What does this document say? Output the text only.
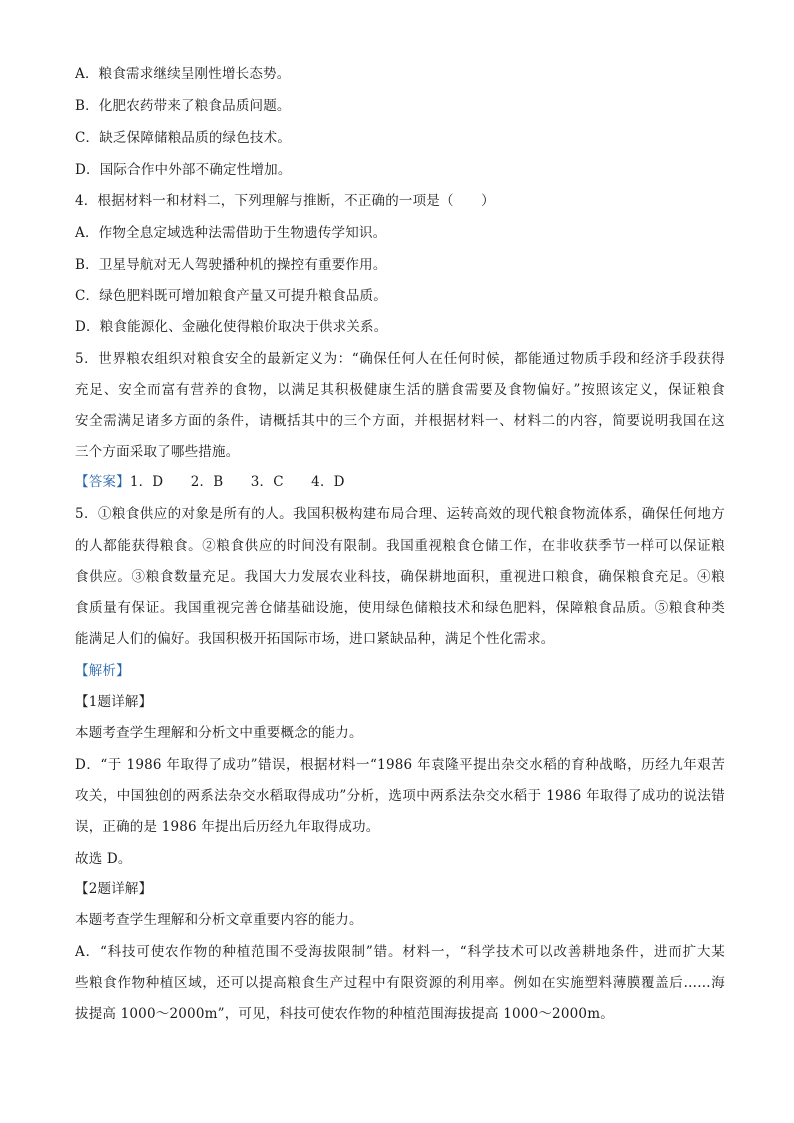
A．粮食需求继续呈刚性增长态势。
B．化肥农药带来了粮食品质问题。
C．缺乏保障储粮品质的绿色技术。
D．国际合作中外部不确定性增加。
4．根据材料一和材料二，下列理解与推断，不正确的一项是（　　）
A．作物全息定域选种法需借助于生物遗传学知识。
B．卫星导航对无人驾驶播种机的操控有重要作用。
C．绿色肥料既可增加粮食产量又可提升粮食品质。
D．粮食能源化、金融化使得粮价取决于供求关系。
5．世界粮农组织对粮食安全的最新定义为：“确保任何人在任何时候，都能通过物质手段和经济手段获得
充足、安全而富有营养的食物，以满足其积极健康生活的膳食需要及食物偏好。”按照该定义，保证粮食
安全需满足诸多方面的条件，请概括其中的三个方面，并根据材料一、材料二的内容，简要说明我国在这
三个方面采取了哪些措施。
【答案】1．D　　2．B　　3．C　　4．D
5．①粮食供应的对象是所有的人。我国积极构建布局合理、运转高效的现代粮食物流体系，确保任何地方
的人都能获得粮食。②粮食供应的时间没有限制。我国重视粮食仓储工作，在非收获季节一样可以保证粮
食供应。③粮食数量充足。我国大力发展农业科技，确保耕地面积，重视进口粮食，确保粮食充足。④粮
食质量有保证。我国重视完善仓储基础设施，使用绿色储粮技术和绿色肥料，保障粮食品质。⑤粮食种类
能满足人们的偏好。我国积极开拓国际市场，进口紧缺品种，满足个性化需求。
【解析】
【1题详解】
本题考查学生理解和分析文中重要概念的能力。
D．“于 1986 年取得了成功”错误，根据材料一“1986 年袁隆平提出杂交水稻的育种战略，历经九年艰苦
攻关，中国独创的两系法杂交水稻取得成功”分析，选项中两系法杂交水稻于 1986 年取得了成功的说法错
误，正确的是 1986 年提出后历经九年取得成功。
故选 D。
【2题详解】
本题考查学生理解和分析文章重要内容的能力。
A．“科技可使农作物的种植范围不受海拔限制”错。材料一，“科学技术可以改善耕地条件，进而扩大某
些粮食作物种植区域，还可以提高粮食生产过程中有限资源的利用率。例如在实施塑料薄膜覆盖后……海
拔提高 1000～2000m”，可见，科技可使农作物的种植范围海拔提高 1000～2000m。
